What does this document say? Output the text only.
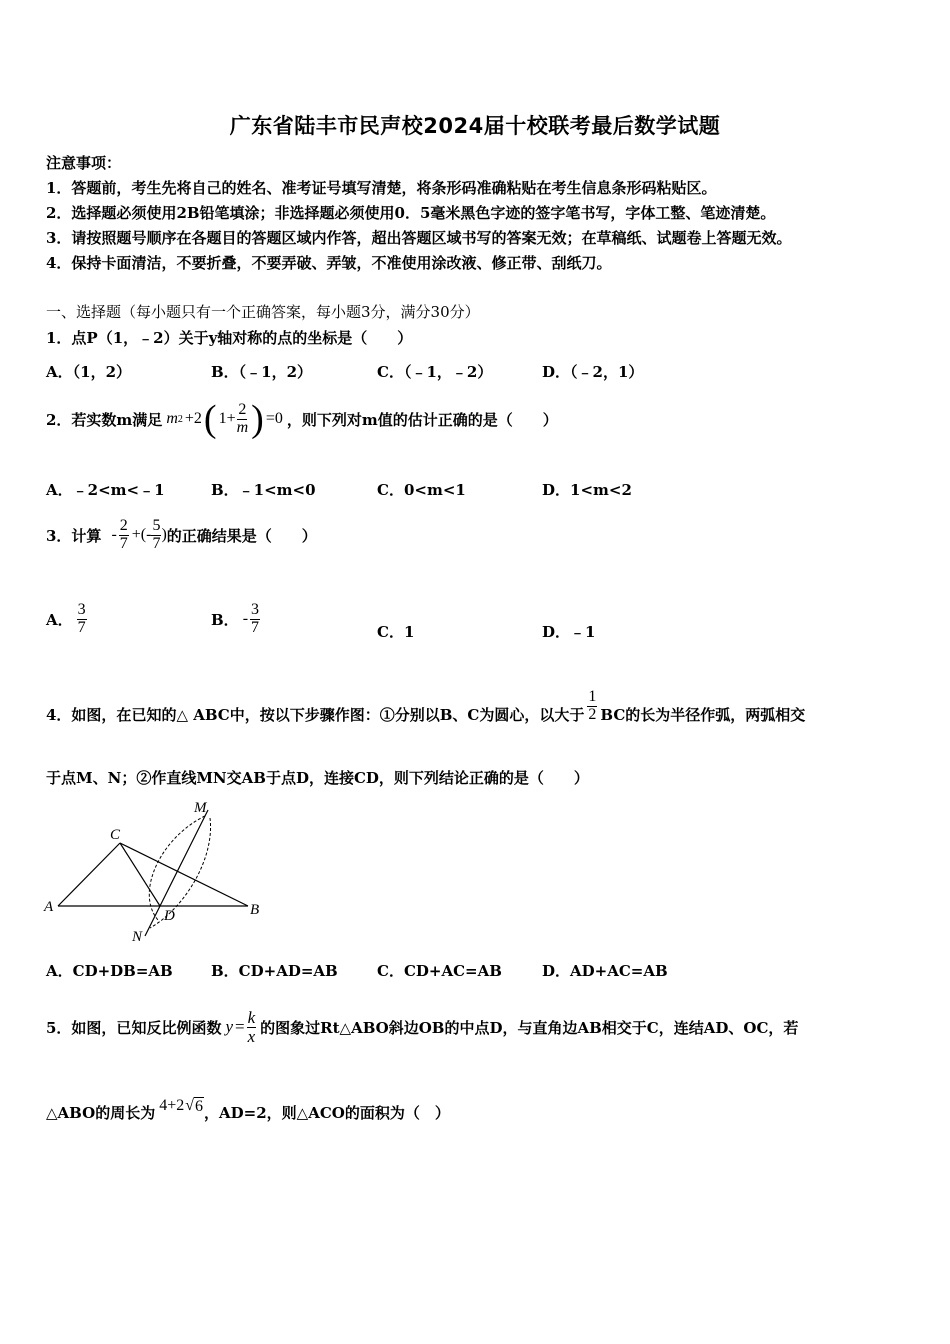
广东省陆丰市民声校2024届十校联考最后数学试题
注意事项：
1．答题前，考生先将自己的姓名、准考证号填写清楚，将条形码准确粘贴在考生信息条形码粘贴区。
2．选择题必须使用2B铅笔填涂；非选择题必须使用0．5毫米黑色字迹的签字笔书写，字体工整、笔迹清楚。
3．请按照题号顺序在各题目的答题区域内作答，超出答题区域书写的答案无效；在草稿纸、试题卷上答题无效。
4．保持卡面清洁，不要折叠，不要弄破、弄皱，不准使用涂改液、修正带、刮纸刀。
一、选择题（每小题只有一个正确答案，每小题3分，满分30分）
1．点P（1，﹣2）关于y轴对称的点的坐标是（　　）
A．（1，2）	B．（﹣1，2）	C．（﹣1，﹣2）	D．（﹣2，1）
2．若实数m满足 m 2 +2 ( $1+ \frac{2}{m}$ ) =0 ，则下列对m值的估计正确的是（　　）
A．﹣2<m<﹣1	B．﹣1<m<0	C．0<m<1	D．1<m<2
3．计算 - $\frac{2}{7}$ +(- $\frac{5}{7}$ ) 的正确结果是（　　）
A． $\frac{3}{7}$	B． - $\frac{3}{7}$	C．1	D．﹣1
4．如图，在已知的△ ABC中，按以下步骤作图：①分别以B、C为圆心，以大于 $\frac{1}{2}$ BC的长为半径作弧，两弧相交
于点M、N；②作直线MN交AB于点D，连接CD，则下列结论正确的是（　　）
M
C
A
D	B
N
A．CD+DB=AB	B．CD+AD=AB	C．CD+AC=AB	D．AD+AC=AB
5．如图，已知反比例函数 $y = \frac{k}{x}$ 的图象过Rt△ABO斜边OB的中点D，与直角边AB相交于C，连结AD、OC，若
△ABO的周长为 4+2 √ 6 ，AD=2，则△ACO的面积为（　）
